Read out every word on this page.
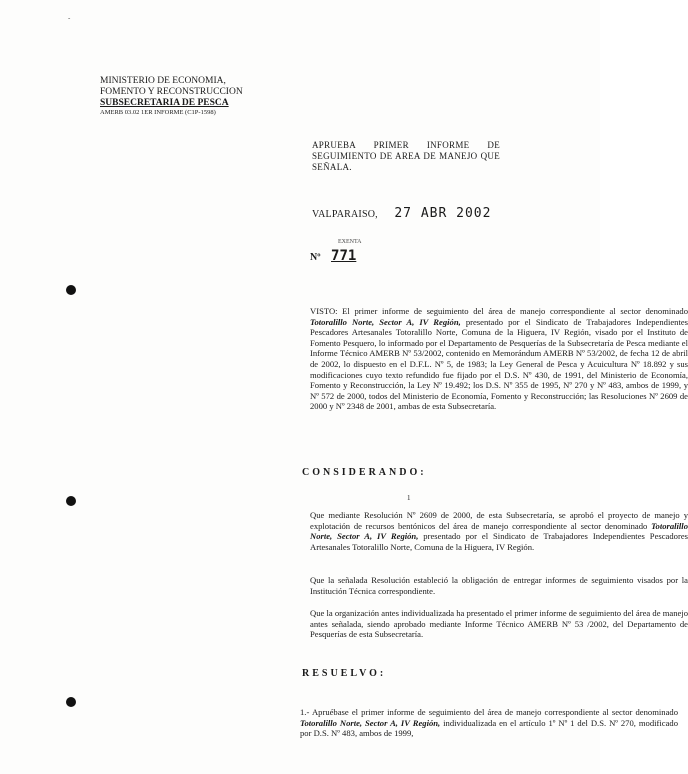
-
MINISTERIO DE ECONOMIA,
FOMENTO Y RECONSTRUCCION
SUBSECRETARIA DE PESCA
AMERB 03.02 1ER INFORME (C1P-1598)
APRUEBA PRIMER INFORME DE SEGUIMIENTO DE AREA DE MANEJO QUE SEÑALA.
VALPARAISO, 27 ABR 2002
EXENTA
Nº 771
VISTO: El primer informe de seguimiento del área de manejo correspondiente al sector denominado Totoralillo Norte, Sector A, IV Región, presentado por el Sindicato de Trabajadores Independientes Pescadores Artesanales Totoralillo Norte, Comuna de la Higuera, IV Región, visado por el Instituto de Fomento Pesquero, lo informado por el Departamento de Pesquerías de la Subsecretaría de Pesca mediante el Informe Técnico AMERB Nº 53/2002, contenido en Memorándum AMERB Nº 53/2002, de fecha 12 de abril de 2002, lo dispuesto en el D.F.L. Nº 5, de 1983; la Ley General de Pesca y Acuicultura Nº 18.892 y sus modificaciones cuyo texto refundido fue fijado por el D.S. Nº 430, de 1991, del Ministerio de Economía, Fomento y Reconstrucción, la Ley Nº 19.492; los D.S. Nº 355 de 1995, Nº 270 y Nº 483, ambos de 1999, y Nº 572 de 2000, todos del Ministerio de Economía, Fomento y Reconstrucción; las Resoluciones Nº 2609 de 2000 y Nº 2348 de 2001, ambas de esta Subsecretaría.
CONSIDERANDO:
1
Que mediante Resolución Nº 2609 de 2000, de esta Subsecretaría, se aprobó el proyecto de manejo y explotación de recursos bentónicos del área de manejo correspondiente al sector denominado Totoralillo Norte, Sector A, IV Región, presentado por el Sindicato de Trabajadores Independientes Pescadores Artesanales Totoralillo Norte, Comuna de la Higuera, IV Región.
Que la señalada Resolución estableció la obligación de entregar informes de seguimiento visados por la Institución Técnica correspondiente.
Que la organización antes individualizada ha presentado el primer informe de seguimiento del área de manejo antes señalada, siendo aprobado mediante Informe Técnico AMERB Nº 53 /2002, del Departamento de Pesquerías de esta Subsecretaría.
RESUELVO:
1.- Apruébase el primer informe de seguimiento del área de manejo correspondiente al sector denominado Totoralillo Norte, Sector A, IV Región, individualizada en el artículo 1º Nº 1 del D.S. Nº 270, modificado por D.S. Nº 483, ambos de 1999,
